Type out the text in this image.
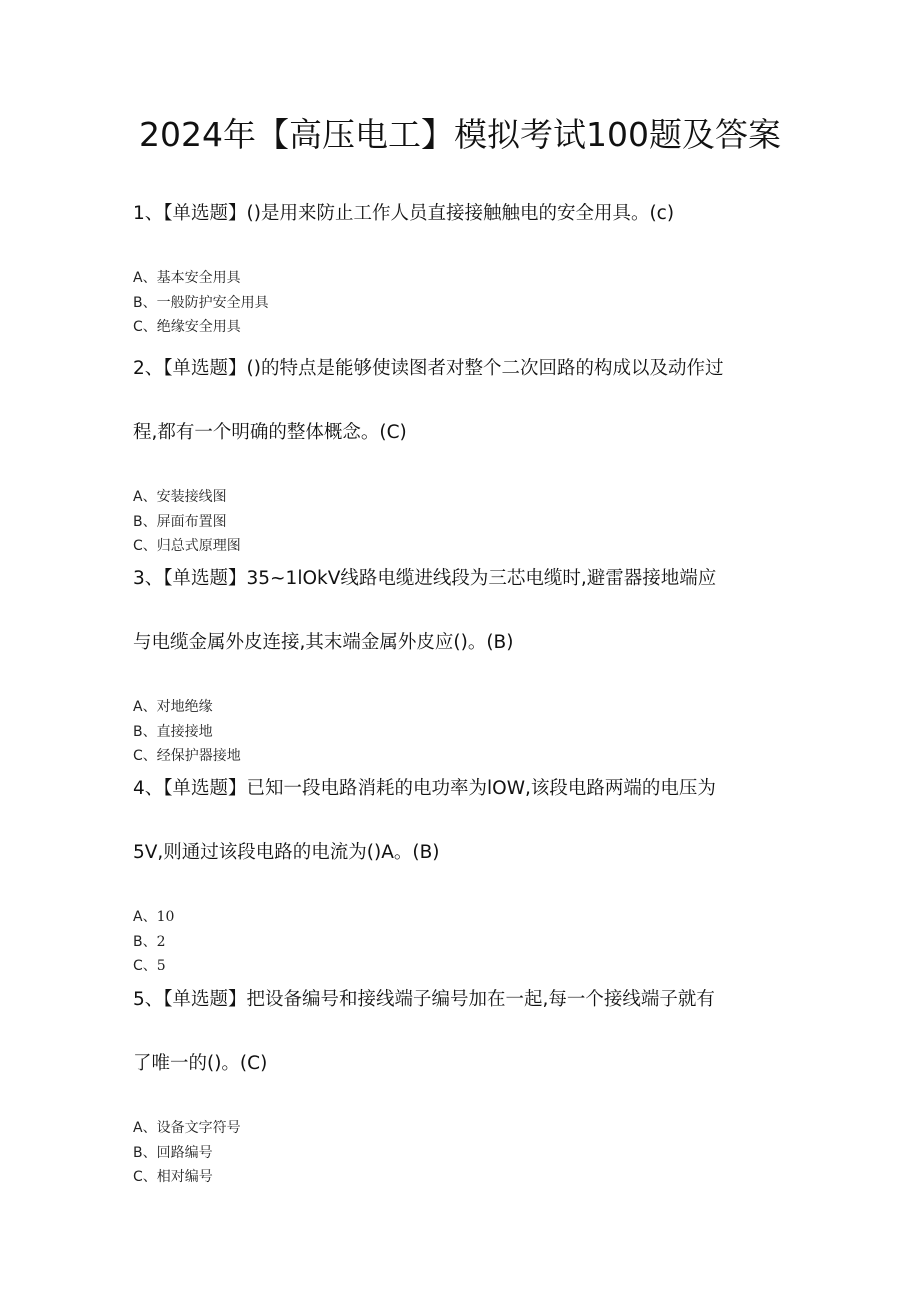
2024年【高压电工】模拟考试100题及答案
1、【单选题】()是用来防止工作人员直接接触触电的安全用具。(c)
A、基本安全用具
B、一般防护安全用具
C、绝缘安全用具
2、【单选题】()的特点是能够使读图者对整个二次回路的构成以及动作过
程,都有一个明确的整体概念。(C)
A、安装接线图
B、屏面布置图
C、归总式原理图
3、【单选题】35~1lOkV线路电缆进线段为三芯电缆时,避雷器接地端应
与电缆金属外皮连接,其末端金属外皮应()。(B)
A、对地绝缘
B、直接接地
C、经保护器接地
4、【单选题】已知一段电路消耗的电功率为lOW,该段电路两端的电压为
5V,则通过该段电路的电流为()A。(B)
A、10
B、2
C、5
5、【单选题】把设备编号和接线端子编号加在一起,每一个接线端子就有
了唯一的()。(C)
A、设备文字符号
B、回路编号
C、相对编号
